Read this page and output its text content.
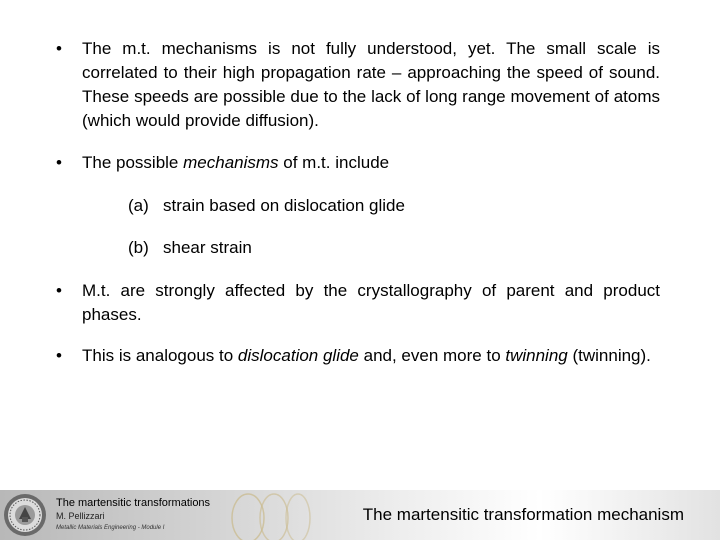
• The m.t. mechanisms is not fully understood, yet. The small scale is correlated to their high propagation rate – approaching the speed of sound. These speeds are possible due to the lack of long range movement of atoms (which would provide diffusion).
• The possible mechanisms of m.t. include
(a) strain based on dislocation glide
(b) shear strain
• M.t. are strongly affected by the crystallography of parent and product phases.
• This is analogous to dislocation glide and, even more to twinning (twinning).
The martensitic transformations
M. Pellizzari
Metallic Materials Engineering - Module I
The martensitic transformation mechanism
